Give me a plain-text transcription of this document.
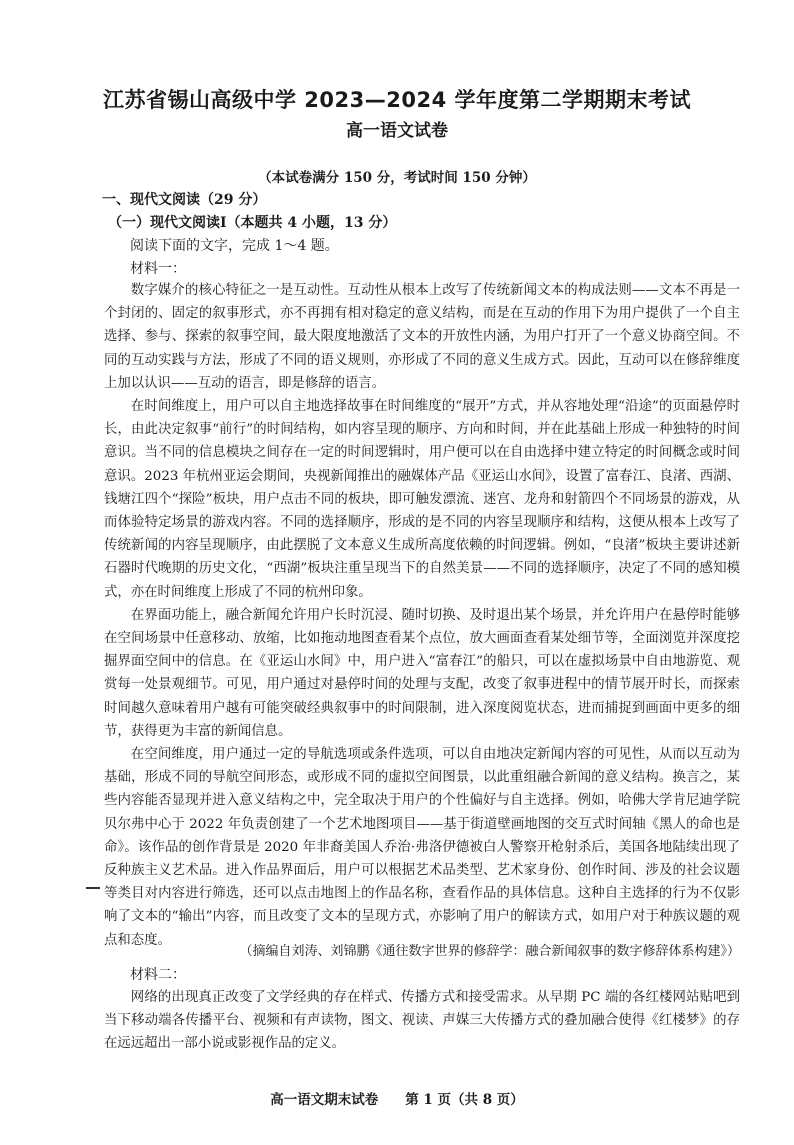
江苏省锡山高级中学 2023—2024 学年度第二学期期末考试
高一语文试卷
（本试卷满分 150 分，考试时间 150 分钟）
一、现代文阅读（29 分）
（一）现代文阅读Ⅰ（本题共 4 小题，13 分）
阅读下面的文字，完成 1～4 题。
材料一：

数字媒介的核心特征之一是互动性。互动性从根本上改写了传统新闻文本的构成法则——文本不再是一个封闭的、固定的叙事形式，亦不再拥有相对稳定的意义结构，而是在互动的作用下为用户提供了一个自主选择、参与、探索的叙事空间，最大限度地激活了文本的开放性内涵，为用户打开了一个意义协商空间。不同的互动实践与方法，形成了不同的语义规则，亦形成了不同的意义生成方式。因此，互动可以在修辞维度上加以认识——互动的语言，即是修辞的语言。

在时间维度上，用户可以自主地选择故事在时间维度的“展开”方式，并从容地处理“沿途”的页面悬停时长，由此决定叙事“前行”的时间结构，如内容呈现的顺序、方向和时间，并在此基础上形成一种独特的时间意识。当不同的信息模块之间存在一定的时间逻辑时，用户便可以在自由选择中建立特定的时间概念或时间意识。2023 年杭州亚运会期间，央视新闻推出的融媒体产品《亚运山水间》，设置了富春江、良渚、西湖、钱塘江四个“探险”板块，用户点击不同的板块，即可触发漂流、迷宫、龙舟和射箭四个不同场景的游戏，从而体验特定场景的游戏内容。不同的选择顺序，形成的是不同的内容呈现顺序和结构，这便从根本上改写了传统新闻的内容呈现顺序，由此摆脱了文本意义生成所高度依赖的时间逻辑。例如，“良渚”板块主要讲述新石器时代晚期的历史文化，“西湖”板块注重呈现当下的自然美景——不同的选择顺序，决定了不同的感知模式，亦在时间维度上形成了不同的杭州印象。

在界面功能上，融合新闻允许用户长时沉浸、随时切换、及时退出某个场景，并允许用户在悬停时能够在空间场景中任意移动、放缩，比如拖动地图查看某个点位，放大画面查看某处细节等，全面浏览并深度挖掘界面空间中的信息。在《亚运山水间》中，用户进入“富春江”的船只，可以在虚拟场景中自由地游览、观赏每一处景观细节。可见，用户通过对悬停时间的处理与支配，改变了叙事进程中的情节展开时长，而探索时间越久意味着用户越有可能突破经典叙事中的时间限制，进入深度阅览状态，进而捕捉到画面中更多的细节，获得更为丰富的新闻信息。

在空间维度，用户通过一定的导航选项或条件选项，可以自由地决定新闻内容的可见性，从而以互动为基础，形成不同的导航空间形态，或形成不同的虚拟空间图景，以此重组融合新闻的意义结构。换言之，某些内容能否显现并进入意义结构之中，完全取决于用户的个性偏好与自主选择。例如，哈佛大学肯尼迪学院贝尔弗中心于 2022 年负责创建了一个艺术地图项目——基于街道壁画地图的交互式时间轴《黑人的命也是命》。该作品的创作背景是 2020 年非裔美国人乔治·弗洛伊德被白人警察开枪射杀后，美国各地陆续出现了反种族主义艺术品。进入作品界面后，用户可以根据艺术品类型、艺术家身份、创作时间、涉及的社会议题等类目对内容进行筛选，还可以点击地图上的作品名称，查看作品的具体信息。这种自主选择的行为不仅影响了文本的“输出”内容，而且改变了文本的呈现方式，亦影响了用户的解读方式，如用户对于种族议题的观点和态度。

（摘编自刘涛、刘锦鹏《通往数字世界的修辞学：融合新闻叙事的数字修辞体系构建》）
材料二：

网络的出现真正改变了文学经典的存在样式、传播方式和接受需求。从早期 PC 端的各红楼网站贴吧到当下移动端各传播平台、视频和有声读物，图文、视读、声媒三大传播方式的叠加融合使得《红楼梦》的存在远远超出一部小说或影视作品的定义。

高一语文期末试卷　　第 1 页（共 8 页）
